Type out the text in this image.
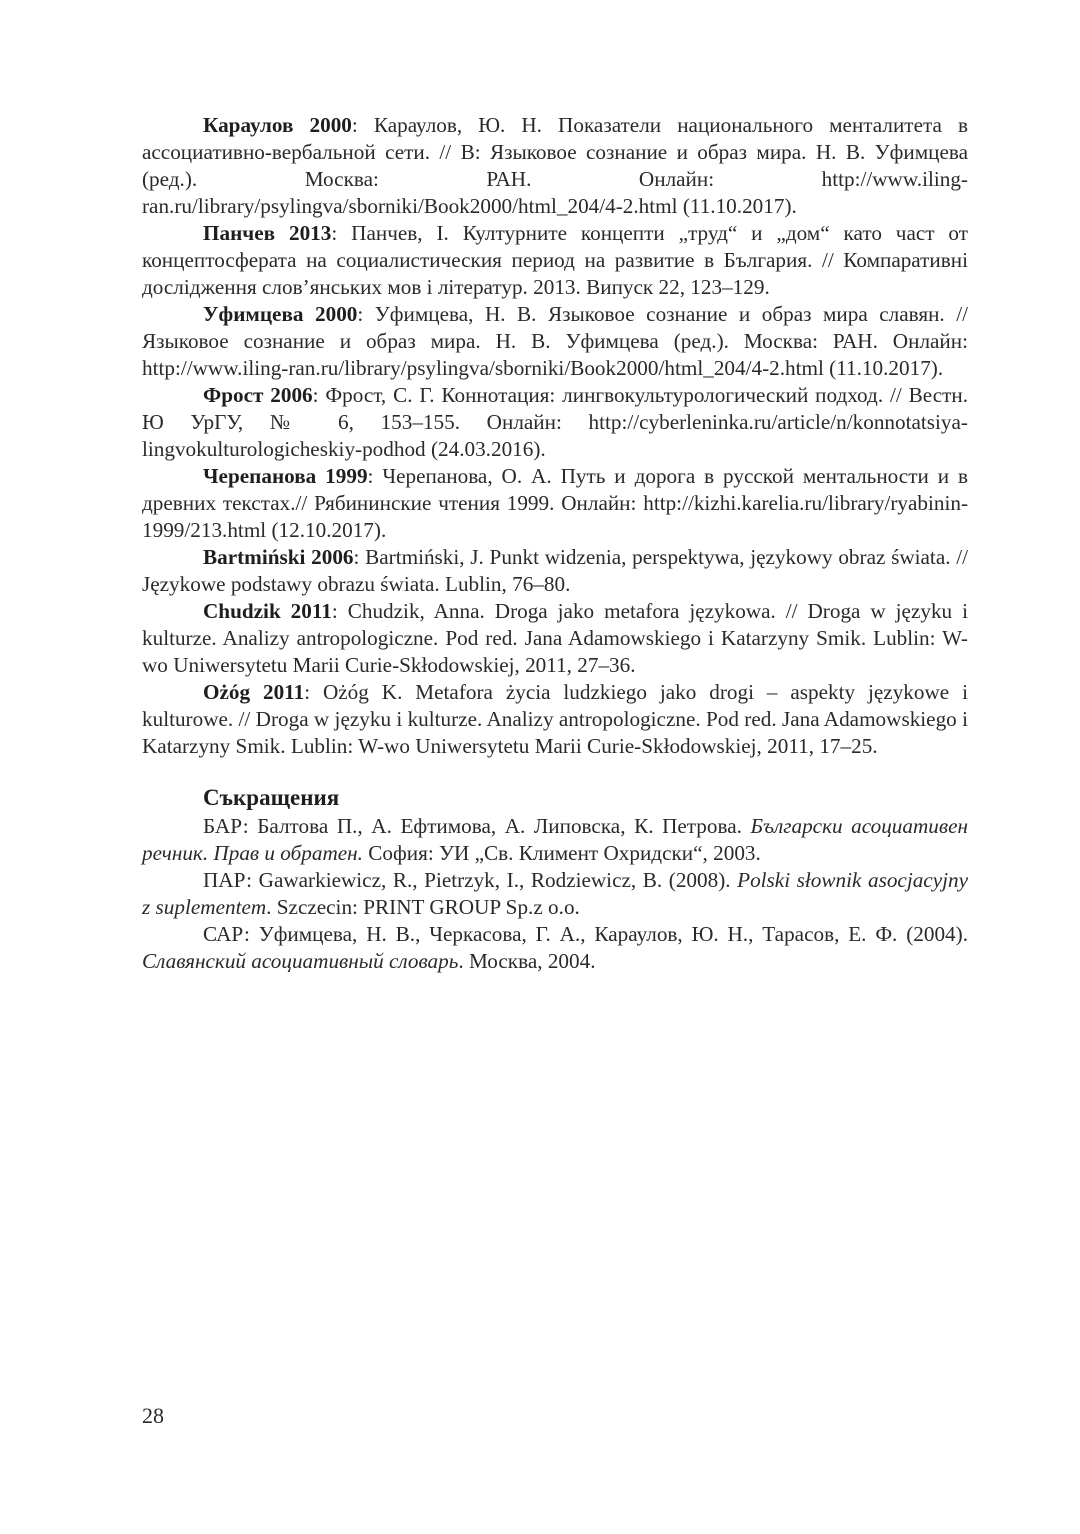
Караулов 2000: Караулов, Ю. Н. Показатели национального менталитета в ассоциативно-вербальной сети. // В: Языковое сознание и образ мира. Н. В. Уфимцева (ред.). Москва: РАН. Онлайн: http://www.iling-ran.ru/library/psylingva/sborniki/Book2000/html_204/4-2.html (11.10.2017).

Панчев 2013: Панчев, І. Културните концепти „труд“ и „дом“ като част от концептосферата на социалистическия период на развитие в България. // Компаративні дослідження слов’янських мов і літератур. 2013. Випуск 22, 123–129.

Уфимцева 2000: Уфимцева, Н. В. Языковое сознание и образ мира славян. // Языковое сознание и образ мира. Н. В. Уфимцева (ред.). Москва: РАН. Онлайн: http://www.iling-ran.ru/library/psylingva/sborniki/Book2000/html_204/4-2.html (11.10.2017).

Фрост 2006: Фрост, С. Г. Коннотация: лингвокультурологический подход. // Вестн. Ю УрГУ, № 6, 153–155. Онлайн: http://cyberleninka.ru/article/n/konnotatsiya-lingvokulturologicheskiy-podhod (24.03.2016).

Черепанова 1999: Черепанова, О. А. Путь и дорога в русской ментальности и в древних текстах.// Рябининские чтения 1999. Онлайн: http://kizhi.karelia.ru/library/ryabinin-1999/213.html (12.10.2017).

Bartmiński 2006: Bartmiński, J. Punkt widzenia, perspektywa, językowy obraz świata. // Językowe podstawy obrazu świata. Lublin, 76–80.

Chudzik 2011: Chudzik, Anna. Droga jako metafora językowa. // Droga w języku i kulturze. Analizy antropologiczne. Pod red. Jana Adamowskiego i Katarzyny Smik. Lublin: W-wo Uniwersytetu Marii Curie-Skłodowskiej, 2011, 27–36.

Ożóg 2011: Ożóg K. Metafora życia ludzkiego jako drogi – aspekty językowe i kulturowe. // Droga w języku i kulturze. Analizy antropologiczne. Pod red. Jana Adamowskiego i Katarzyny Smik. Lublin: W-wo Uniwersytetu Marii Curie-Skłodowskiej, 2011, 17–25.

Съкращения

БАР: Балтова П., А. Ефтимова, А. Липовска, К. Петрова. Български асоциативен речник. Прав и обратен. София: УИ „Св. Климент Охридски“, 2003.

ПАР: Gawarkiewicz, R., Pietrzyk, I., Rodziewicz, B. (2008). Polski słownik asocjacyjny z suplementem. Szczecin: PRINT GROUP Sp.z o.o.

САР: Уфимцева, Н. В., Черкасова, Г. А., Караулов, Ю. Н., Тарасов, Е. Ф. (2004). Славянский асоциативный словарь. Москва, 2004.

28
